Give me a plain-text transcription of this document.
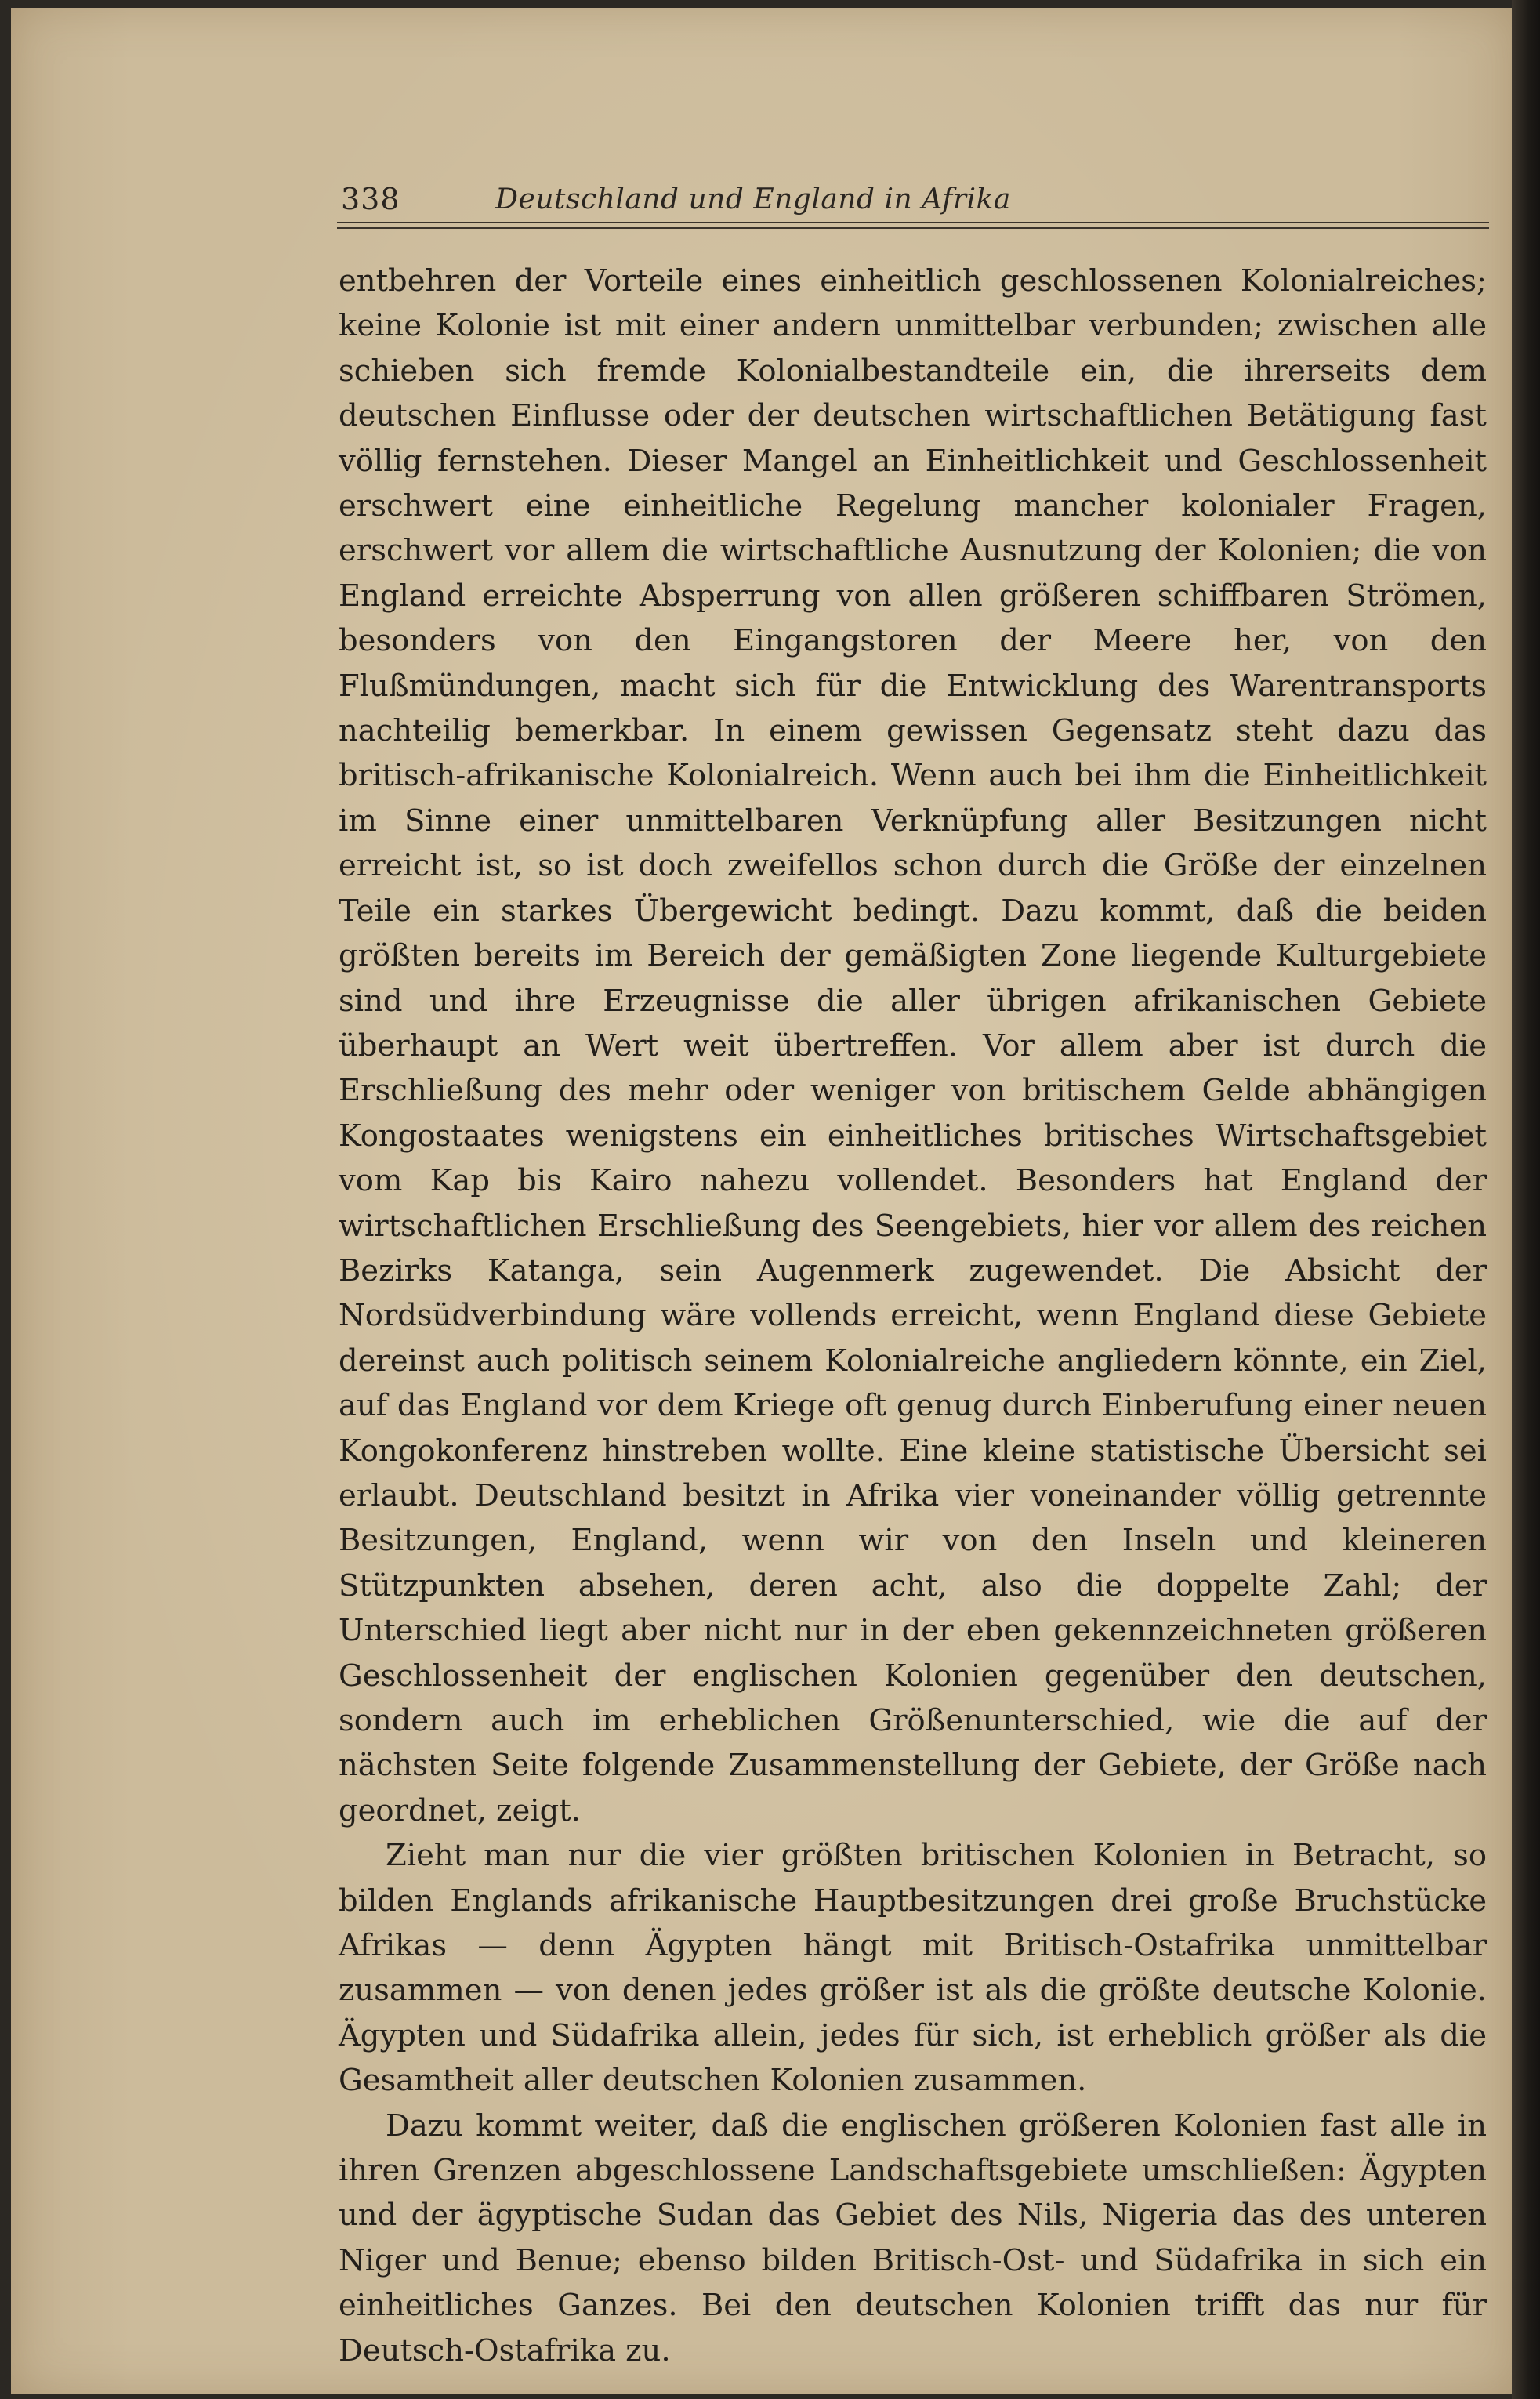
338	Deutschland und England in Afrika

entbehren der Vorteile eines einheitlich geschlossenen Kolonialreiches; keine Kolonie ist mit einer andern unmittelbar verbunden; zwischen alle schieben sich fremde Kolonialbestandteile ein, die ihrerseits dem deutschen Einflusse oder der deutschen wirtschaftlichen Betätigung fast völlig fernstehen. Dieser Mangel an Einheitlichkeit und Geschlossenheit erschwert eine einheitliche Regelung mancher kolonialer Fragen, erschwert vor allem die wirtschaftliche Ausnutzung der Kolonien; die von England erreichte Absperrung von allen größeren schiffbaren Strömen, besonders von den Eingangstoren der Meere her, von den Flußmündungen, macht sich für die Entwicklung des Warentransports nachteilig bemerkbar. In einem gewissen Gegensatz steht dazu das britisch-afrikanische Kolonialreich. Wenn auch bei ihm die Einheitlichkeit im Sinne einer unmittelbaren Verknüpfung aller Besitzungen nicht erreicht ist, so ist doch zweifellos schon durch die Größe der einzelnen Teile ein starkes Übergewicht bedingt. Dazu kommt, daß die beiden größten bereits im Bereich der gemäßigten Zone liegende Kulturgebiete sind und ihre Erzeugnisse die aller übrigen afrikanischen Gebiete überhaupt an Wert weit übertreffen. Vor allem aber ist durch die Erschließung des mehr oder weniger von britischem Gelde abhängigen Kongostaates wenigstens ein einheitliches britisches Wirtschaftsgebiet vom Kap bis Kairo nahezu vollendet. Besonders hat England der wirtschaftlichen Erschließung des Seengebiets, hier vor allem des reichen Bezirks Katanga, sein Augenmerk zugewendet. Die Absicht der Nordsüdverbindung wäre vollends erreicht, wenn England diese Gebiete dereinst auch politisch seinem Kolonialreiche angliedern könnte, ein Ziel, auf das England vor dem Kriege oft genug durch Einberufung einer neuen Kongokonferenz hinstreben wollte. Eine kleine statistische Übersicht sei erlaubt. Deutschland besitzt in Afrika vier voneinander völlig getrennte Besitzungen, England, wenn wir von den Inseln und kleineren Stützpunkten absehen, deren acht, also die doppelte Zahl; der Unterschied liegt aber nicht nur in der eben gekennzeichneten größeren Geschlossenheit der englischen Kolonien gegenüber den deutschen, sondern auch im erheblichen Größenunterschied, wie die auf der nächsten Seite folgende Zusammenstellung der Gebiete, der Größe nach geordnet, zeigt.

Zieht man nur die vier größten britischen Kolonien in Betracht, so bilden Englands afrikanische Hauptbesitzungen drei große Bruchstücke Afrikas — denn Ägypten hängt mit Britisch-Ostafrika unmittelbar zusammen — von denen jedes größer ist als die größte deutsche Kolonie. Ägypten und Südafrika allein, jedes für sich, ist erheblich größer als die Gesamtheit aller deutschen Kolonien zusammen.

Dazu kommt weiter, daß die englischen größeren Kolonien fast alle in ihren Grenzen abgeschlossene Landschaftsgebiete umschließen: Ägypten und der ägyptische Sudan das Gebiet des Nils, Nigeria das des unteren Niger und Benue; ebenso bilden Britisch-Ost- und Südafrika in sich ein einheitliches Ganzes. Bei den deutschen Kolonien trifft das nur für Deutsch-Ostafrika zu.
